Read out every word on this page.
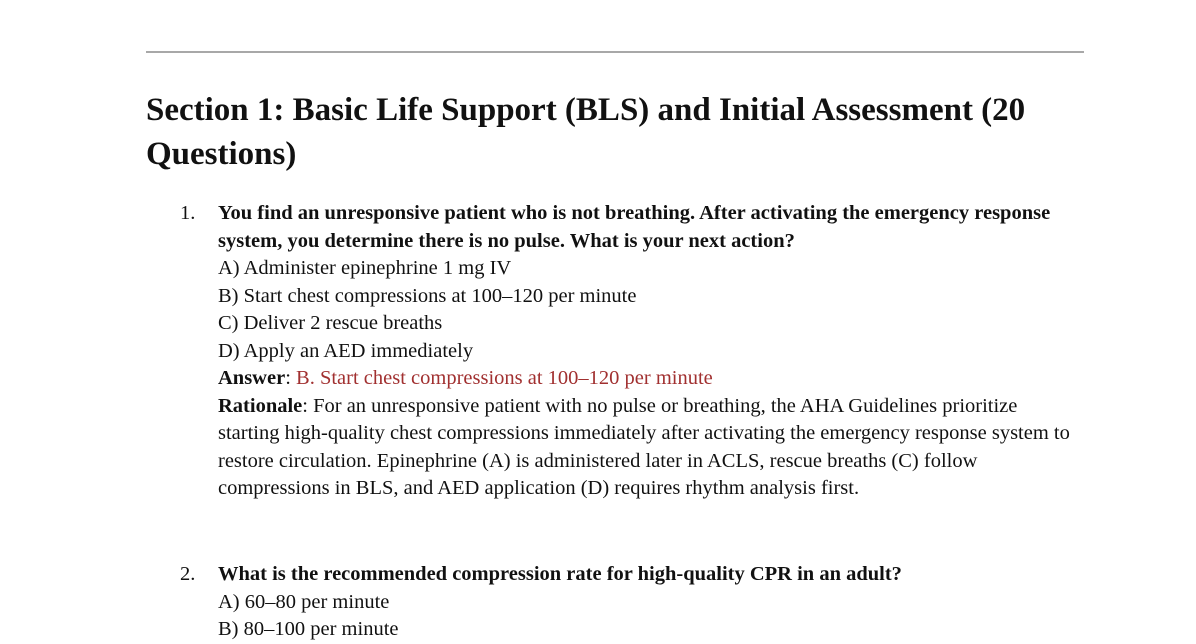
Section 1: Basic Life Support (BLS) and Initial Assessment (20 Questions)
1. You find an unresponsive patient who is not breathing. After activating the emergency response system, you determine there is no pulse. What is your next action?

A) Administer epinephrine 1 mg IV

B) Start chest compressions at 100–120 per minute

C) Deliver 2 rescue breaths

D) Apply an AED immediately

Answer: B. Start chest compressions at 100–120 per minute

Rationale: For an unresponsive patient with no pulse or breathing, the AHA Guidelines prioritize starting high-quality chest compressions immediately after activating the emergency response system to restore circulation. Epinephrine (A) is administered later in ACLS, rescue breaths (C) follow compressions in BLS, and AED application (D) requires rhythm analysis first.

2. What is the recommended compression rate for high-quality CPR in an adult?

A) 60–80 per minute

B) 80–100 per minute
